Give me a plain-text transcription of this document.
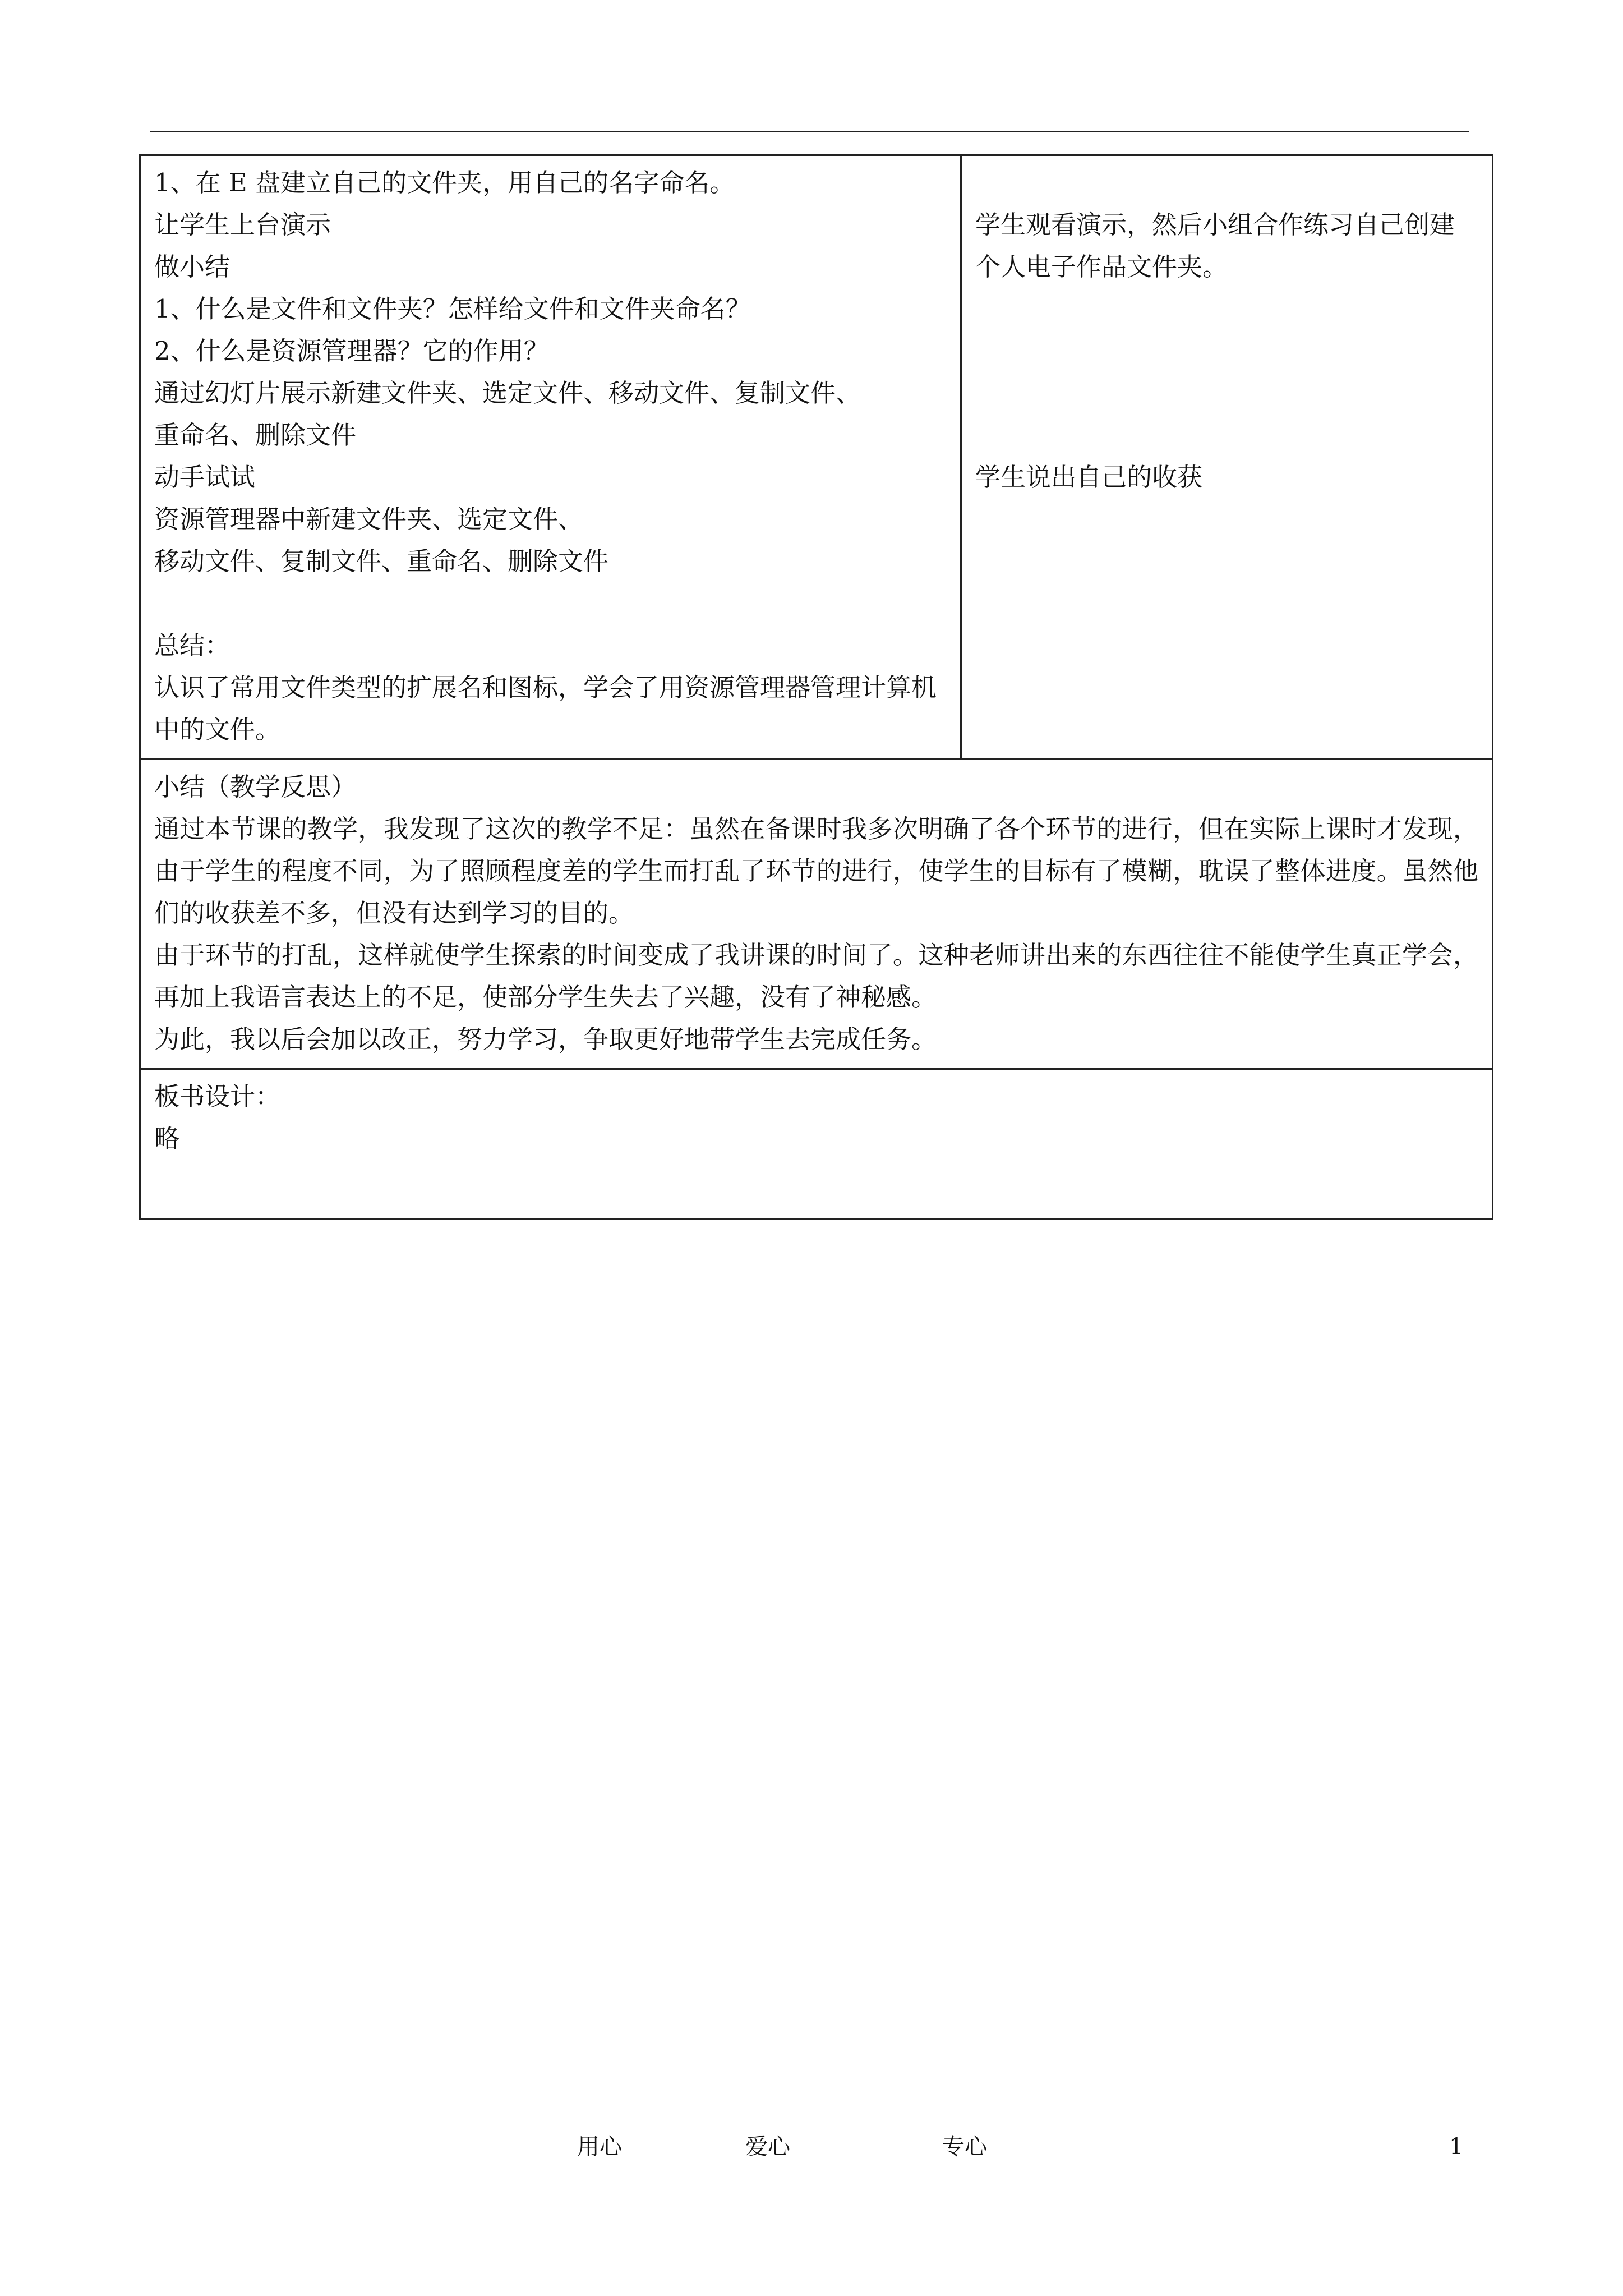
1、在 E 盘建立自己的文件夹，用自己的名字命名。
让学生上台演示
做小结
1、什么是文件和文件夹？怎样给文件和文件夹命名？
2、什么是资源管理器？它的作用？
通过幻灯片展示新建文件夹、选定文件、移动文件、复制文件、
重命名、删除文件
动手试试
资源管理器中新建文件夹、选定文件、
移动文件、复制文件、重命名、删除文件
总结：
认识了常用文件类型的扩展名和图标，学会了用资源管理器管理计算机中的文件。

学生观看演示，然后小组合作练习自己创建个人电子作品文件夹。
学生说出自己的收获

小结（教学反思）
通过本节课的教学，我发现了这次的教学不足：虽然在备课时我多次明确了各个环节的进行，但在实际上课时才发现，由于学生的程度不同，为了照顾程度差的学生而打乱了环节的进行，使学生的目标有了模糊，耽误了整体进度。虽然他们的收获差不多，但没有达到学习的目的。
由于环节的打乱，这样就使学生探索的时间变成了我讲课的时间了。这种老师讲出来的东西往往不能使学生真正学会，再加上我语言表达上的不足，使部分学生失去了兴趣，没有了神秘感。
为此，我以后会加以改正，努力学习，争取更好地带学生去完成任务。

板书设计：
略
用心	爱心	专心	1
